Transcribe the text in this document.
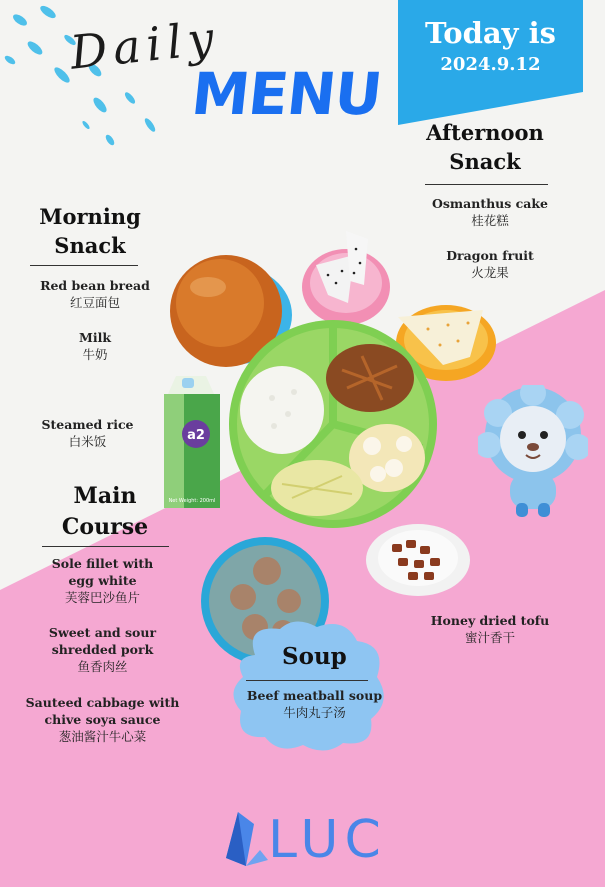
Daily
MENU
Today is
2024.9.12
Afternoon
Snack
Osmanthus cake
桂花糕
Dragon fruit
火龙果
Morning
Snack
Red bean bread
红豆面包
Milk
牛奶
Steamed rice
白米饭
Main
Course
Sole fillet with
egg white
芙蓉巴沙鱼片
Sweet and sour
shredded pork
鱼香肉丝
Sauteed cabbage with
chive soya sauce
葱油酱汁牛心菜
Honey dried tofu
蜜汁香干
a2
Net Weight: 200ml
Soup
Beef meatball soup
牛肉丸子汤
LUC
